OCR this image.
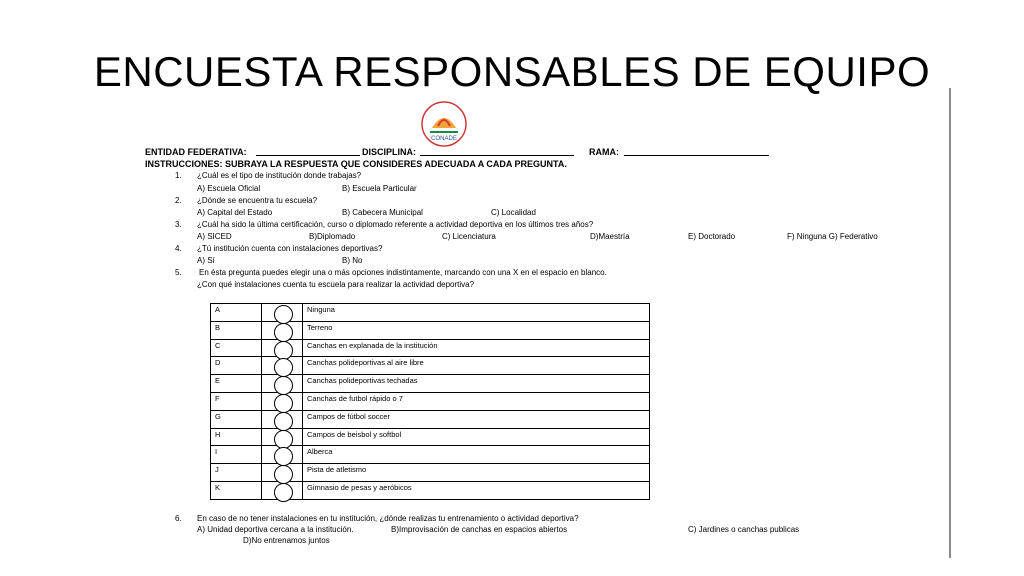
ENCUESTA RESPONSABLES DE EQUIPO
CONADE
ENTIDAD FEDERATIVA:	DISCIPLINA:	RAMA:
INSTRUCCIONES: SUBRAYA LA RESPUESTA QUE CONSIDERES ADECUADA A CADA PREGUNTA.
1. ¿Cuál es el tipo de institución donde trabajas?
A) Escuela Oficial	B) Escuela Particular
2. ¿Dónde se encuentra tu escuela?
A) Capital del Estado	B) Cabecera Municipal	C) Localidad
3. ¿Cuál ha sido la última certificación, curso o diplomado referente a actividad deportiva en los últimos tres años?
A) SICED	B)Diplomado	C) Licenciatura	D)Maestría	E) Doctorado	F) Ninguna G) Federativo
4. ¿Tú institución cuenta con instalaciones deportivas?
A) Sí	B) No
5. En ésta pregunta puedes elegir una o más opciones indistintamente, marcando con una X en el espacio en blanco.
¿Con qué instalaciones cuenta tu escuela para realizar la actividad deportiva?
6. En caso de no tener instalaciones en tu institución, ¿dónde realizas tu entrenamiento o actividad deportiva?
A) Unidad deportiva cercana a la institución.	B)Improvisación de canchas en espacios abiertos	C) Jardines o canchas publicas
D)No entrenamos juntos
A		Ninguna
B		Terreno
C		Canchas en explanada de la institución
D		Canchas polideportivas al aire libre
E		Canchas polideportivas techadas
F		Canchas de futbol rápido o 7
G		Campos de fútbol soccer
H		Campos de beisbol y softbol
I		Alberca
J		Pista de atletismo
K		Gimnasio de pesas y aeróbicos
